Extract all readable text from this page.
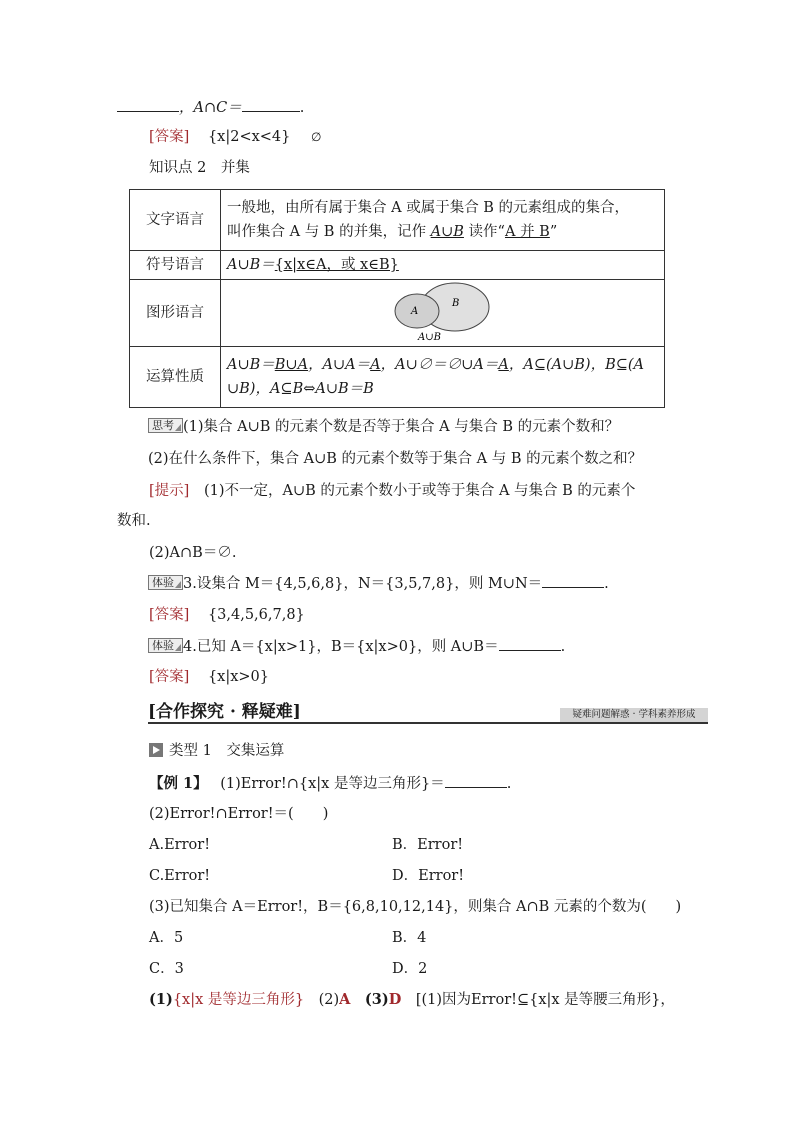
，A∩C＝	.
[答案] {x|2<x<4} ∅
知识点 2　并集
文字语言	一般地，由所有属于集合 A 或属于集合 B 的元素组成的集合，
叫作集合 A 与 B 的并集，记作 A∪B 读作“A 并 B”

符号语言	A∪B＝{x|x∈A，或 x∈B}
图形语言	A
B
A∪B

运算性质	A∪B＝B∪A，A∪A＝A，A∪∅＝∅∪A＝A，A⊆(A∪B)，B⊆(A
∪B)，A⊆B⇔A∪B＝B
思考 (1)集合 A∪B 的元素个数是否等于集合 A 与集合 B 的元素个数和？
(2)在什么条件下，集合 A∪B 的元素个数等于集合 A 与 B 的元素个数之和？
[提示] (1)不一定，A∪B 的元素个数小于或等于集合 A 与集合 B 的元素个
数和.
(2)A∩B＝∅.
体验 3.设集合 M＝{4,5,6,8}，N＝{3,5,7,8}，则 M∪N＝	.
[答案] {3,4,5,6,7,8}
体验 4.已知 A＝{x|x>1}，B＝{x|x>0}，则 A∪B＝	.
[答案] {x|x>0}
[合作探究 · 释疑难]	疑难问题解惑 · 学科素养形成
类型 1　交集运算
【例 1】 (1)Error!∩{x|x 是等边三角形}＝	.
(2)Error!∩Error!＝(　　)
A.Error!	B．Error!
C.Error!	D．Error!
(3)已知集合 A＝Error!，B＝{6,8,10,12,14}，则集合 A∩B 元素的个数为(　　)
A．5	B．4
C．3	D．2
(1){x|x 是等边三角形}　(2)A　(3)D　[(1)因为Error!⊆{x|x 是等腰三角形}，
